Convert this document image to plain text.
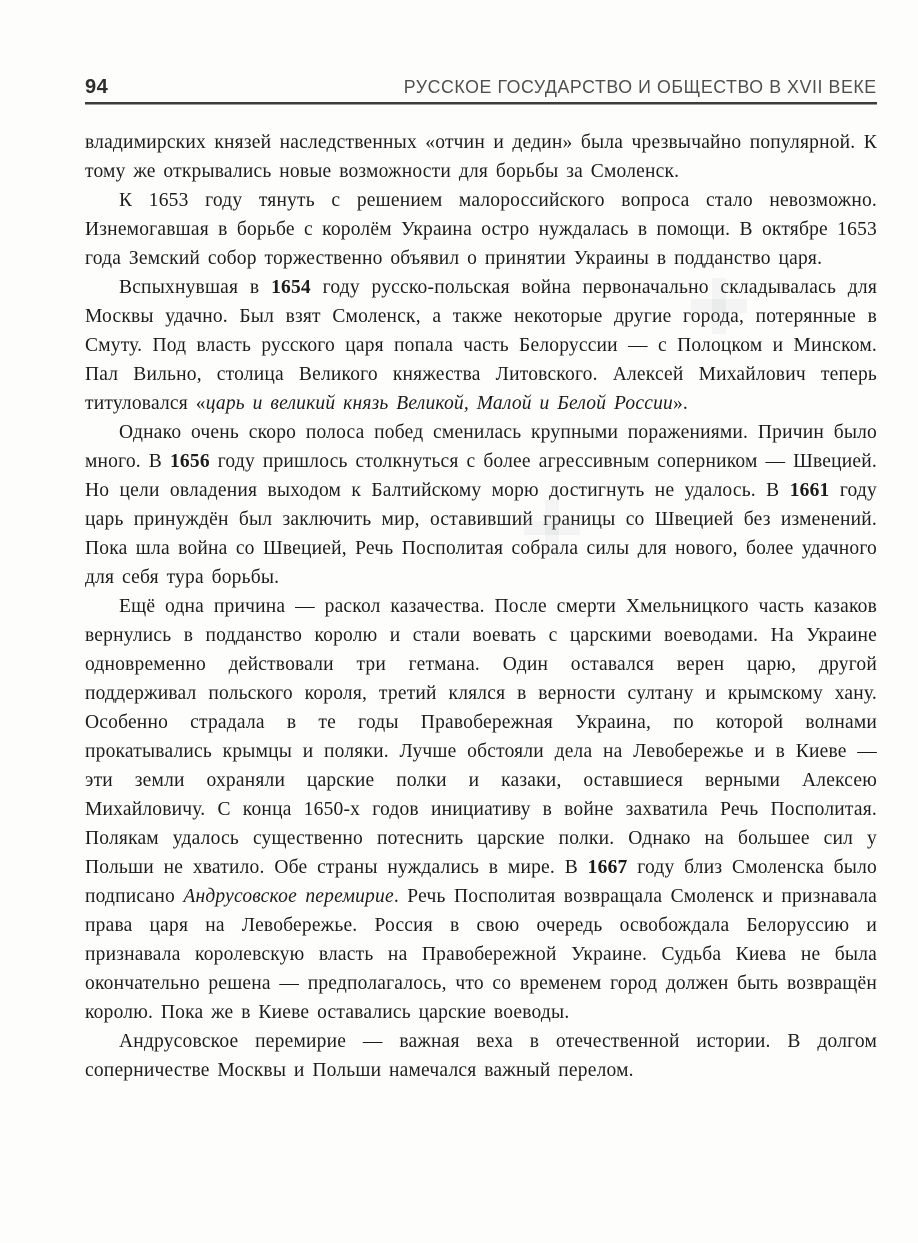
94	РУССКОЕ ГОСУДАРСТВО И ОБЩЕСТВО В XVII ВЕКЕ

владимирских князей наследственных «отчин и дедин» была чрезвычайно популярной. К тому же открывались новые возможности для борьбы за Смоленск.

К 1653 году тянуть с решением малороссийского вопроса стало невозможно. Изнемогавшая в борьбе с королём Украина остро нуждалась в помощи. В октябре 1653 года Земский собор торжественно объявил о принятии Украины в подданство царя.

Вспыхнувшая в 1654 году русско-польская война первоначально складывалась для Москвы удачно. Был взят Смоленск, а также некоторые другие города, потерянные в Смуту. Под власть русского царя попала часть Белоруссии — с Полоцком и Минском. Пал Вильно, столица Великого княжества Литовского. Алексей Михайлович теперь титуловался «царь и великий князь Великой, Малой и Белой России».

Однако очень скоро полоса побед сменилась крупными поражениями. Причин было много. В 1656 году пришлось столкнуться с более агрессивным соперником — Швецией. Но цели овладения выходом к Балтийскому морю достигнуть не удалось. В 1661 году царь принуждён был заключить мир, оставивший границы со Швецией без изменений. Пока шла война со Швецией, Речь Посполитая собрала силы для нового, более удачного для себя тура борьбы.

Ещё одна причина — раскол казачества. После смерти Хмельницкого часть казаков вернулись в подданство королю и стали воевать с царскими воеводами. На Украине одновременно действовали три гетмана. Один оставался верен царю, другой поддерживал польского короля, третий клялся в верности султану и крымскому хану. Особенно страдала в те годы Правобережная Украина, по которой волнами прокатывались крымцы и поляки. Лучше обстояли дела на Левобережье и в Киеве — эти земли охраняли царские полки и казаки, оставшиеся верными Алексею Михайловичу. С конца 1650-х годов инициативу в войне захватила Речь Посполитая. Полякам удалось существенно потеснить царские полки. Однако на большее сил у Польши не хватило. Обе страны нуждались в мире. В 1667 году близ Смоленска было подписано Андрусовское перемирие. Речь Посполитая возвращала Смоленск и признавала права царя на Левобережье. Россия в свою очередь освобождала Белоруссию и признавала королевскую власть на Правобережной Украине. Судьба Киева не была окончательно решена — предполагалось, что со временем город должен быть возвращён королю. Пока же в Киеве оставались царские воеводы.

Андрусовское перемирие — важная веха в отечественной истории. В долгом соперничестве Москвы и Польши намечался важный перелом.
